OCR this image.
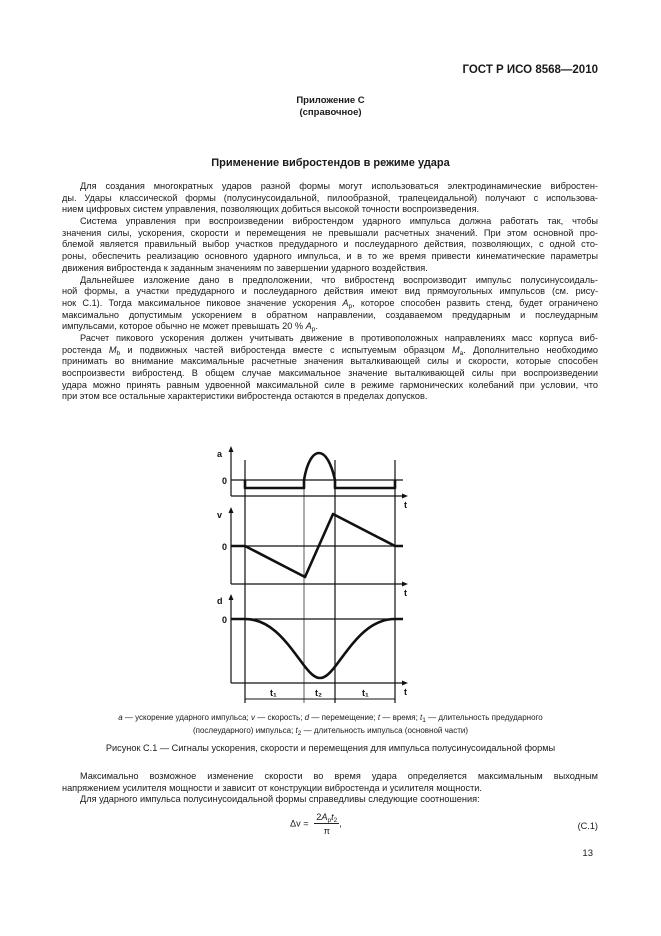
ГОСТ Р ИСО 8568—2010
Приложение С
(справочное)
Применение вибростендов в режиме удара
Для создания многократных ударов разной формы могут использоваться электродинамические вибростен-
ды. Удары классической формы (полусинусоидальной, пилообразной, трапецеидальной) получают с использова-
нием цифровых систем управления, позволяющих добиться высокой точности воспроизведения.
Система управления при воспроизведении вибростендом ударного импульса должна работать так, чтобы
значения силы, ускорения, скорости и перемещения не превышали расчетных значений. При этом основной про-
блемой является правильный выбор участков предударного и послеударного действия, позволяющих, с одной сто-
роны, обеспечить реализацию основного ударного импульса, и в то же время привести кинематические параметры
движения вибростенда к заданным значениям по завершении ударного воздействия.
Дальнейшее изложение дано в предположении, что вибростенд воспроизводит импульс полусинусоидаль-
ной формы, а участки предударного и послеударного действия имеют вид прямоугольных импульсов (см. рису-
нок С.1). Тогда максимальное пиковое значение ускорения $A_p$, которое способен развить стенд, будет ограничено
максимально допустимым ускорением в обратном направлении, создаваемом предударным и послеударным
импульсами, которое обычно не может превышать 20 % $A_p$.
Расчет пикового ускорения должен учитывать движение в противоположных направлениях масс корпуса виб-
ростенда $M_b$ и подвижных частей вибростенда вместе с испытуемым образцом $M_a$. Дополнительно необходимо
принимать во внимание максимальные расчетные значения выталкивающей силы и скорости, которые способен
воспроизвести вибростенд. В общем случае максимальное значение выталкивающей силы при воспроизведении
удара можно принять равным удвоенной максимальной силе в режиме гармонических колебаний при условии, что
при этом все остальные характеристики вибростенда остаются в пределах допусков.
a
0
t
v
0
t
d
0
t
t₁	t₂	t₁
a — ускорение ударного импульса; v — скорость; d — перемещение; t — время; $t_1$ — длительность предударного
(послеударного) импульса; $t_2$ — длительность импульса (основной части)
Рисунок С.1 — Сигналы ускорения, скорости и перемещения для импульса полусинусоидальной формы
Максимально возможное изменение скорости во время удара определяется максимальным выходным
напряжением усилителя мощности и зависит от конструкции вибростенда и усилителя мощности.
Для ударного импульса полусинусоидальной формы справедливы следующие соотношения:
$\Delta v = \frac{2A_pt_2}{\pi}$ ,	(С.1)
13
